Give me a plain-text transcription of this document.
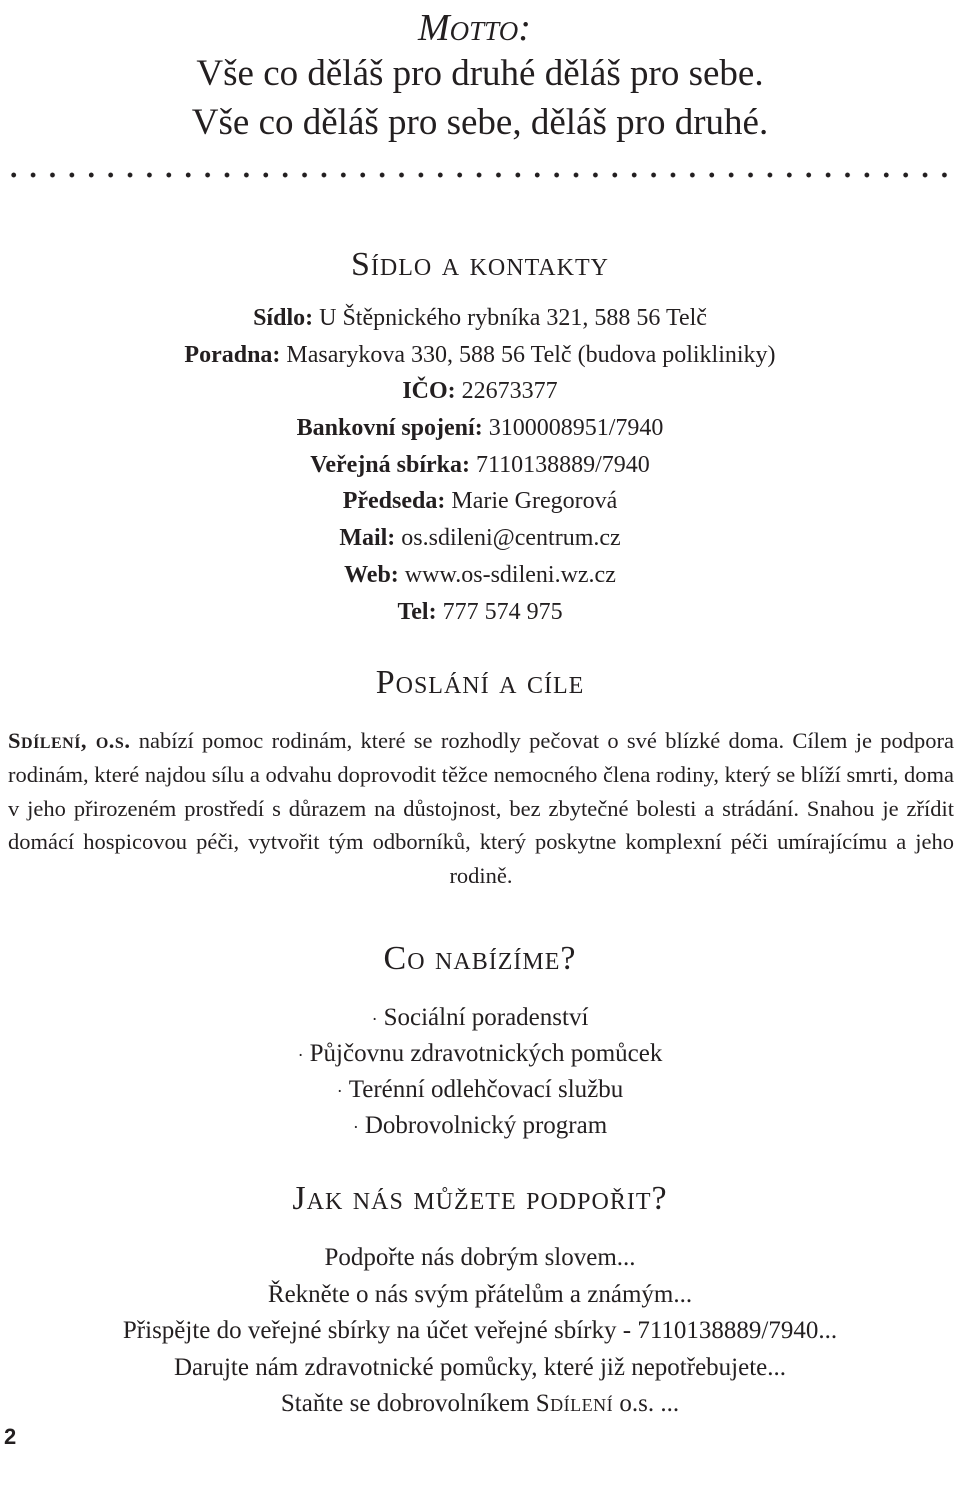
Motto:
Vše co děláš pro druhé děláš pro sebe.
Vše co děláš pro sebe, děláš pro druhé.
Sídlo a kontakty
Sídlo: U Štěpnického rybníka 321, 588 56 Telč
Poradna: Masarykova 330, 588 56 Telč (budova polikliniky)
IČO: 22673377
Bankovní spojení: 3100008951/7940
Veřejná sbírka: 7110138889/7940
Předseda: Marie Gregorová
Mail: os.sdileni@centrum.cz
Web: www.os-sdileni.wz.cz
Tel: 777 574 975
Poslání a cíle

Sdílení, o.s. nabízí pomoc rodinám, které se rozhodly pečovat o své blízké doma. Cílem je podpora rodinám, které najdou sílu a odvahu doprovodit těžce nemocného člena rodiny, který se blíží smrti, doma v jeho přirozeném prostředí s důrazem na důstojnost, bez zbytečné bolesti a strádání. Snahou je zřídit domácí hospicovou péči, vytvořit tým odborníků, který poskytne komplexní péči umírajícímu a jeho rodině.

Co nabízíme?
· Sociální poradenství
· Půjčovnu zdravotnických pomůcek
· Terénní odlehčovací službu
· Dobrovolnický program
Jak nás můžete podpořit?
Podpořte nás dobrým slovem...
Řekněte o nás svým přátelům a známým...
Přispějte do veřejné sbírky na účet veřejné sbírky - 7110138889/7940...
Darujte nám zdravotnické pomůcky, které již nepotřebujete...
Staňte se dobrovolníkem Sdílení o.s. ...
2
